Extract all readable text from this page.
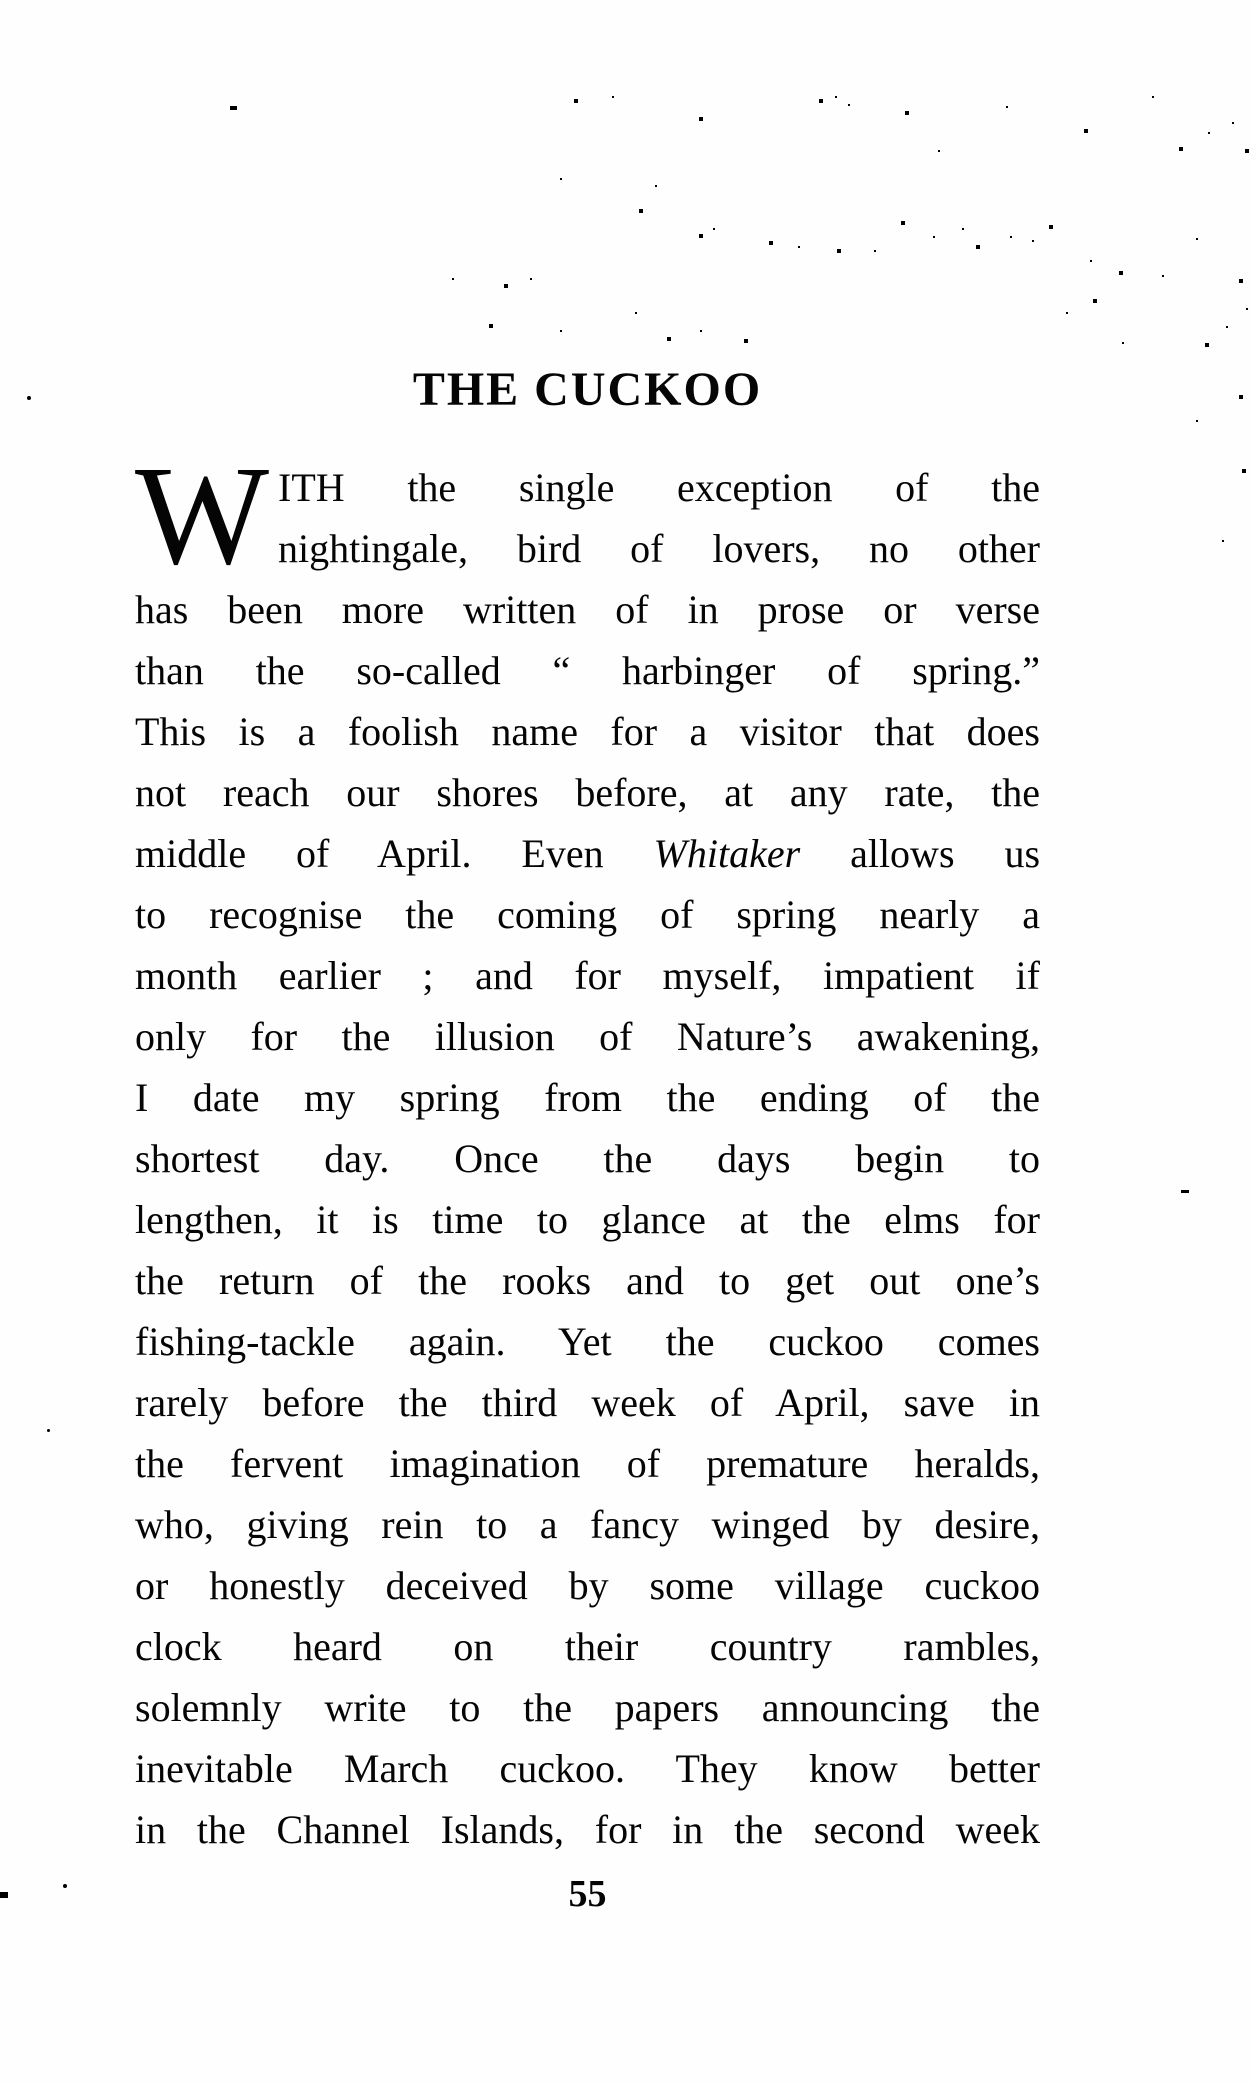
THE CUCKOO
W ITH the single exception of the
nightingale, bird of lovers, no other
has been more written of in prose or verse
than the so-called “ harbinger of spring.”
This is a foolish name for a visitor that does
not reach our shores before, at any rate, the
middle of April. Even Whitaker allows us
to recognise the coming of spring nearly a
month earlier ; and for myself, impatient if
only for the illusion of Nature’s awakening,
I date my spring from the ending of the
shortest day. Once the days begin to
lengthen, it is time to glance at the elms for
the return of the rooks and to get out one’s
fishing-tackle again. Yet the cuckoo comes
rarely before the third week of April, save in
the fervent imagination of premature heralds,
who, giving rein to a fancy winged by desire,
or honestly deceived by some village cuckoo
clock heard on their country rambles,
solemnly write to the papers announcing the
inevitable March cuckoo. They know better
in the Channel Islands, for in the second week
55
